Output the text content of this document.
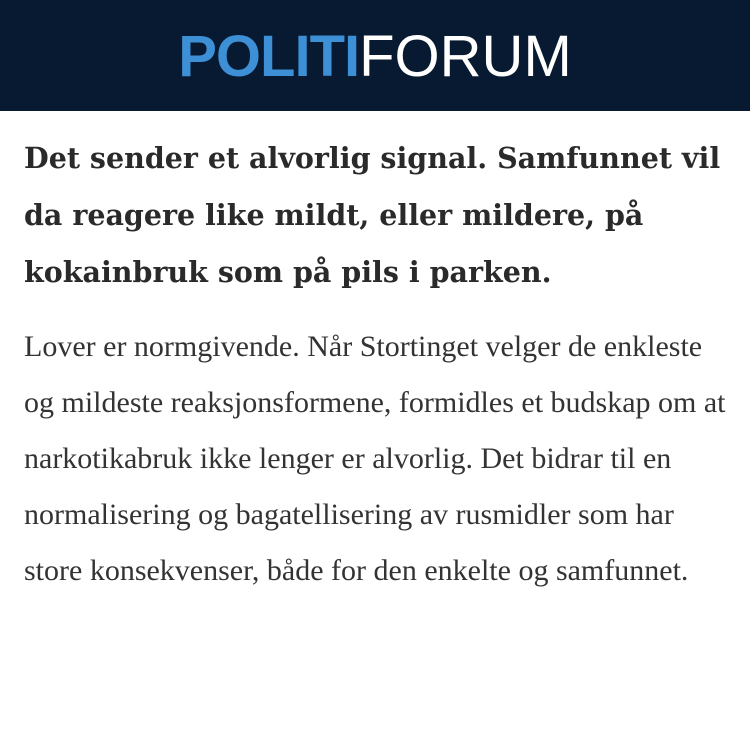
POLITI FORUM

Det sender et alvorlig signal. Samfunnet vil da reagere like mildt, eller mildere, på kokainbruk som på pils i parken.

Lover er normgivende. Når Stortinget velger de enkleste og mildeste reaksjonsformene, formidles et budskap om at narkotikabruk ikke lenger er alvorlig. Det bidrar til en normalisering og bagatellisering av rusmidler som har store konsekvenser, både for den enkelte og samfunnet.
